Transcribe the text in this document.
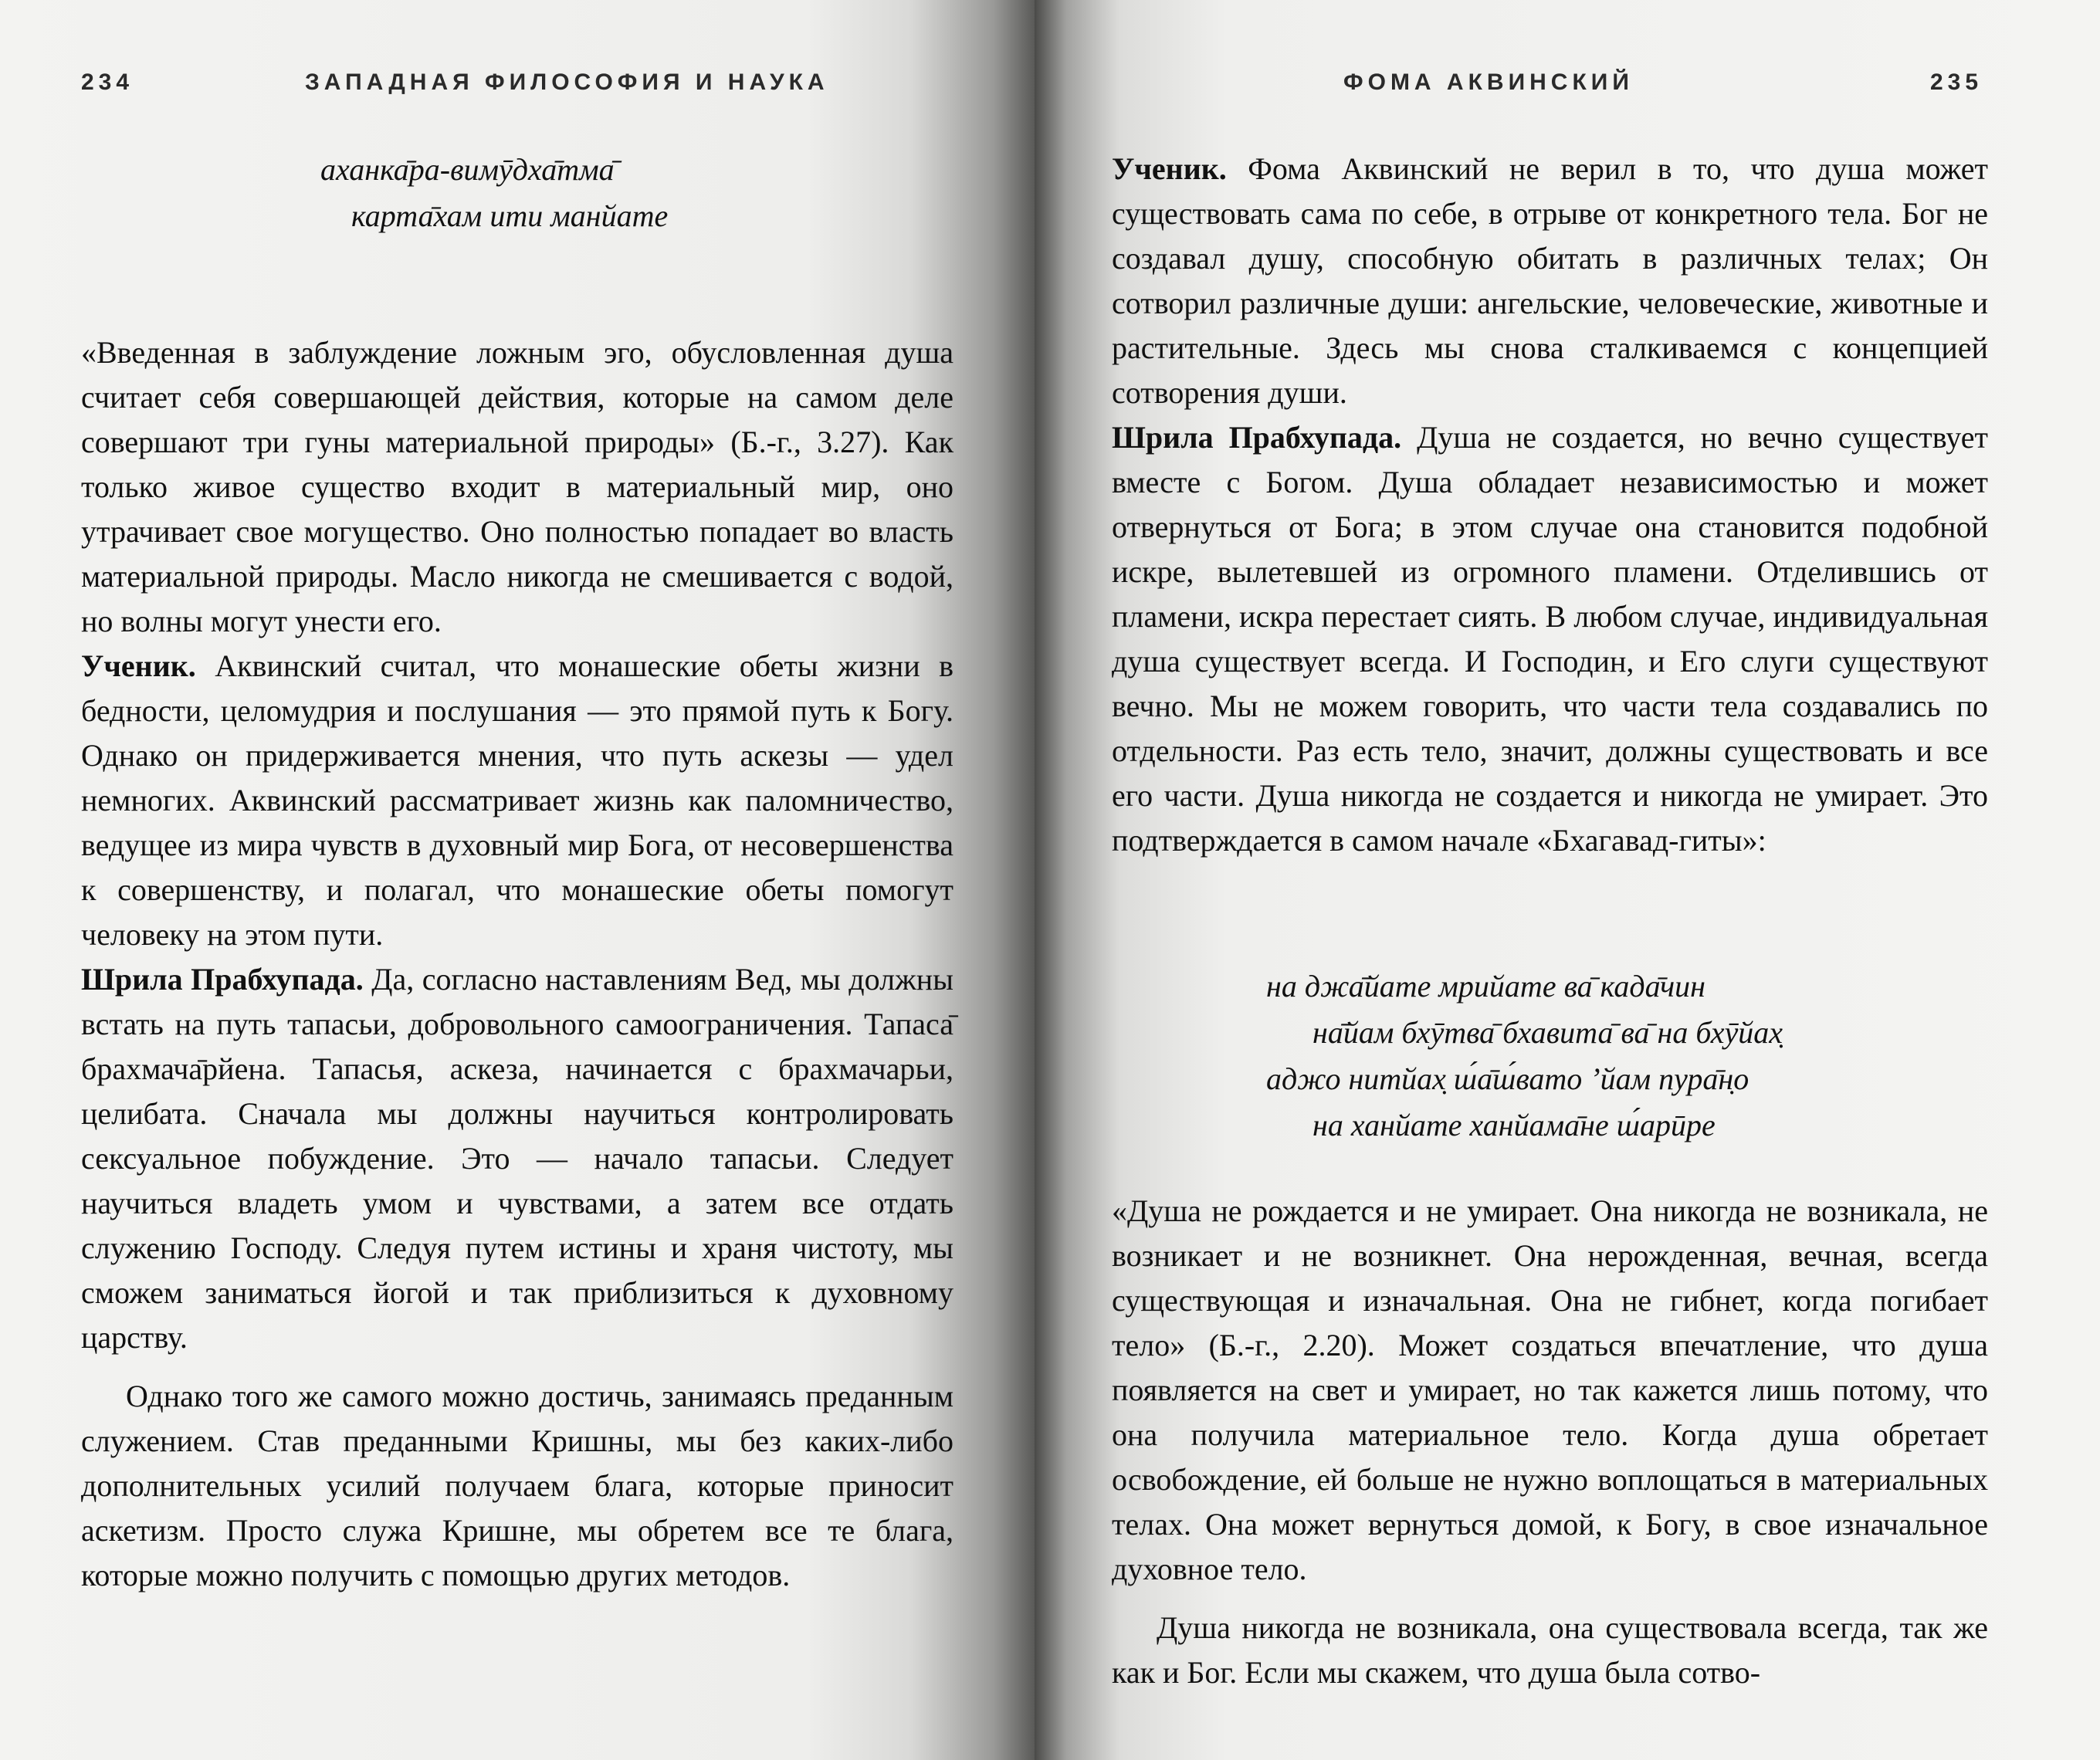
234	ЗАПАДНАЯ ФИЛОСОФИЯ И НАУКА
аханка̄ра-вимӯдха̄тма̄
карта̄хам ити манйате

«Введенная в заблуждение ложным эго, обусловленная душа считает себя совершающей действия, которые на самом деле совершают три гуны материальной природы» (Б.-г., 3.27). Как только живое существо входит в материальный мир, оно утрачивает свое могущество. Оно полностью попадает во власть материальной природы. Масло никогда не смешивается с водой, но волны могут унести его.

Ученик. Аквинский считал, что монашеские обеты жизни в бедности, целомудрия и послушания — это прямой путь к Богу. Однако он придерживается мнения, что путь аскезы — удел немногих. Аквинский рассматривает жизнь как паломничество, ведущее из мира чувств в духовный мир Бога, от несовершенства к совершенству, и полагал, что монашеские обеты помогут человеку на этом пути.

Шрила Прабхупада. Да, согласно наставлениям Вед, мы должны встать на путь тапасьи, добровольного самоограничения. Тапаса̄ брахмача̄рйена. Тапасья, аскеза, начинается с брахмачарьи, целибата. Сначала мы должны научиться контролировать сексуальное побуждение. Это — начало тапасьи. Следует научиться владеть умом и чувствами, а затем все отдать служению Господу. Следуя путем истины и храня чистоту, мы сможем заниматься йогой и так приблизиться к духовному царству.

Однако того же самого можно достичь, занимаясь преданным служением. Став преданными Кришны, мы без каких-либо дополнительных усилий получаем блага, которые приносит аскетизм. Просто служа Кришне, мы обретем все те блага, которые можно получить с помощью других методов.

ФОМА АКВИНСКИЙ	235

Ученик. Фома Аквинский не верил в то, что душа может существовать сама по себе, в отрыве от конкретного тела. Бог не создавал душу, способную обитать в различных телах; Он сотворил различные души: ангельские, человеческие, животные и растительные. Здесь мы снова сталкиваемся с концепцией сотворения души.

Шрила Прабхупада. Душа не создается, но вечно существует вместе с Богом. Душа обладает независимостью и может отвернуться от Бога; в этом случае она становится подобной искре, вылетевшей из огромного пламени. Отделившись от пламени, искра перестает сиять. В любом случае, индивидуальная душа существует всегда. И Господин, и Его слуги существуют вечно. Мы не можем говорить, что части тела создавались по отдельности. Раз есть тело, значит, должны существовать и все его части. Душа никогда не создается и никогда не умирает. Это подтверждается в самом начале «Бхагавад-гиты»:

на джа̄йате мрийате ва̄ када̄чин
на̄йам бхӯтва̄ бхавита̄ ва̄ на бхӯйах̣
аджо нитйах̣ ш́а̄ш́вато ’йам пура̄н̣о
на ханйате ханйама̄не ш́арӣре

«Душа не рождается и не умирает. Она никогда не возникала, не возникает и не возникнет. Она нерожденная, вечная, всегда существующая и изначальная. Она не гибнет, когда погибает тело» (Б.-г., 2.20). Может создаться впечатление, что душа появляется на свет и умирает, но так кажется лишь потому, что она получила материальное тело. Когда душа обретает освобождение, ей больше не нужно воплощаться в материальных телах. Она может вернуться домой, к Богу, в свое изначальное духовное тело.

Душа никогда не возникала, она существовала всегда, так же как и Бог. Если мы скажем, что душа была сотво-
